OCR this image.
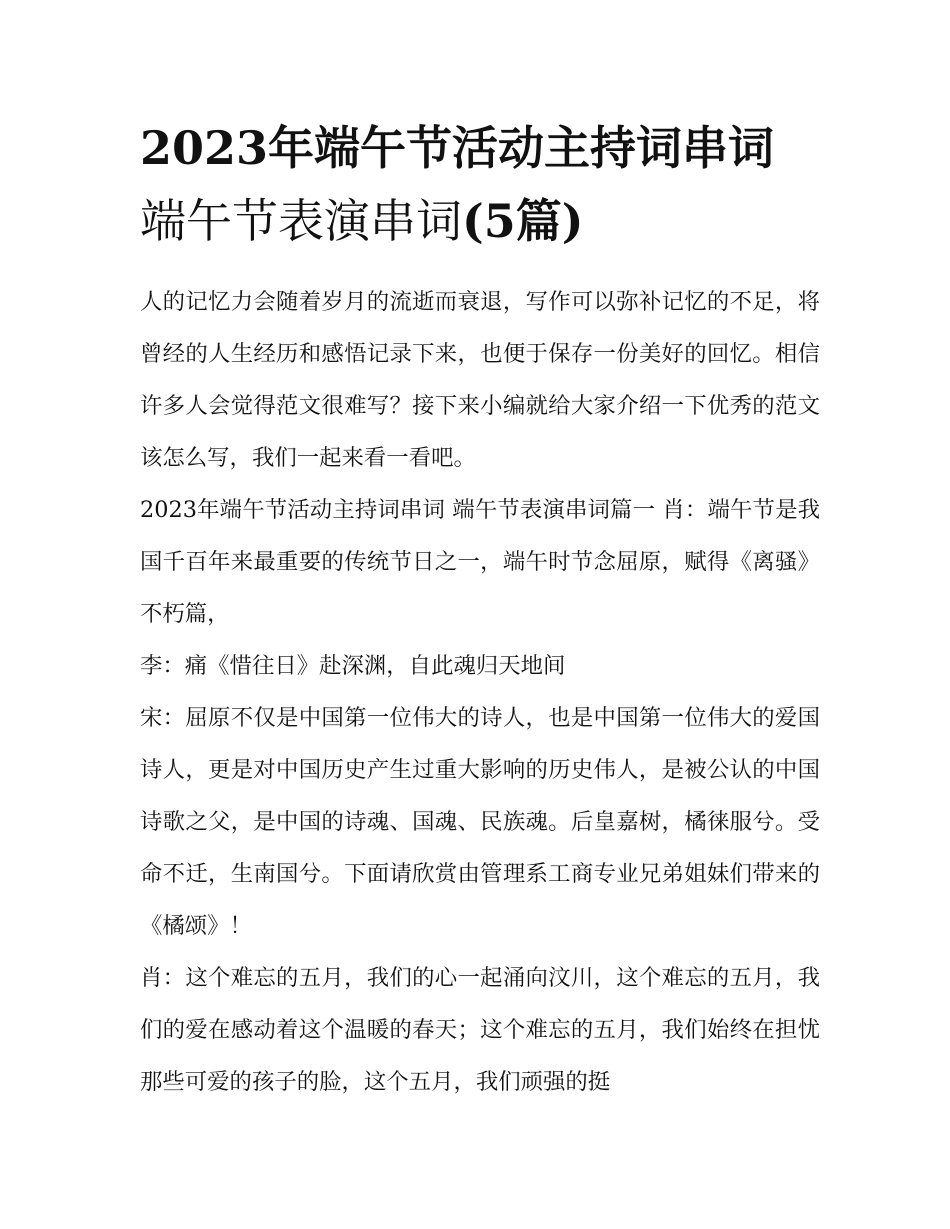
2023年端午节活动主持词串词
端午节表演串词(5篇)

人的记忆力会随着岁月的流逝而衰退，写作可以弥补记忆的不足，将曾经的人生经历和感悟记录下来，也便于保存一份美好的回忆。相信许多人会觉得范文很难写？接下来小编就给大家介绍一下优秀的范文该怎么写，我们一起来看一看吧。

2023年端午节活动主持词串词 端午节表演串词篇一 肖：端午节是我国千百年来最重要的传统节日之一，端午时节念屈原，赋得《离骚》不朽篇，

李：痛《惜往日》赴深渊，自此魂归天地间

宋：屈原不仅是中国第一位伟大的诗人，也是中国第一位伟大的爱国诗人，更是对中国历史产生过重大影响的历史伟人，是被公认的中国诗歌之父，是中国的诗魂、国魂、民族魂。后皇嘉树，橘徕服兮。受命不迁，生南国兮。下面请欣赏由管理系工商专业兄弟姐妹们带来的《橘颂》！

肖：这个难忘的五月，我们的心一起涌向汶川，这个难忘的五月，我们的爱在感动着这个温暖的春天；这个难忘的五月，我们始终在担忧那些可爱的孩子的脸，这个五月，我们顽强的挺
